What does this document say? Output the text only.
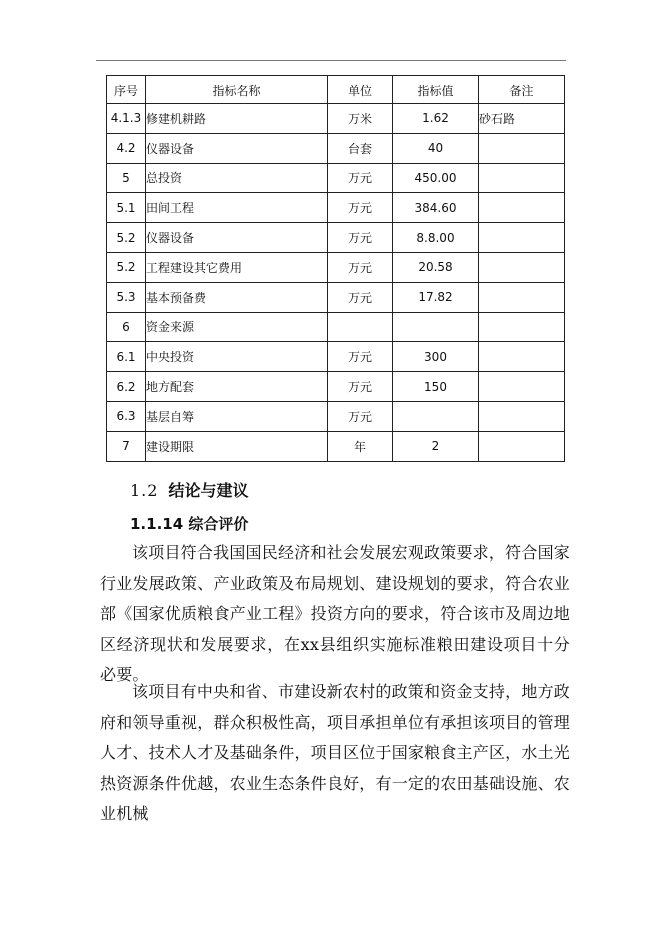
序号	指标名称	单位	指标值	备注
4.1.3	修建机耕路	万米	1.62	砂石路
4.2	仪器设备	台套	40	
5	总投资	万元	450.00	
5.1	田间工程	万元	384.60	
5.2	仪器设备	万元	8.8.00	
5.2	工程建设其它费用	万元	20.58	
5.3	基本预备费	万元	17.82	
6	资金来源			
6.1	中央投资	万元	300	
6.2	地方配套	万元	150	
6.3	基层自筹	万元		
7	建设期限	年	2	
1.2 结论与建议
1.1.14 综合评价

该项目符合我国国民经济和社会发展宏观政策要求，符合国家行业发展政策、产业政策及布局规划、建设规划的要求，符合农业部《国家优质粮食产业工程》投资方向的要求，符合该市及周边地区经济现状和发展要求，在xx县组织实施标准粮田建设项目十分必要。

该项目有中央和省、市建设新农村的政策和资金支持，地方政府和领导重视，群众积极性高，项目承担单位有承担该项目的管理人才、技术人才及基础条件，项目区位于国家粮食主产区，水土光热资源条件优越，农业生态条件良好，有一定的农田基础设施、农业机械
